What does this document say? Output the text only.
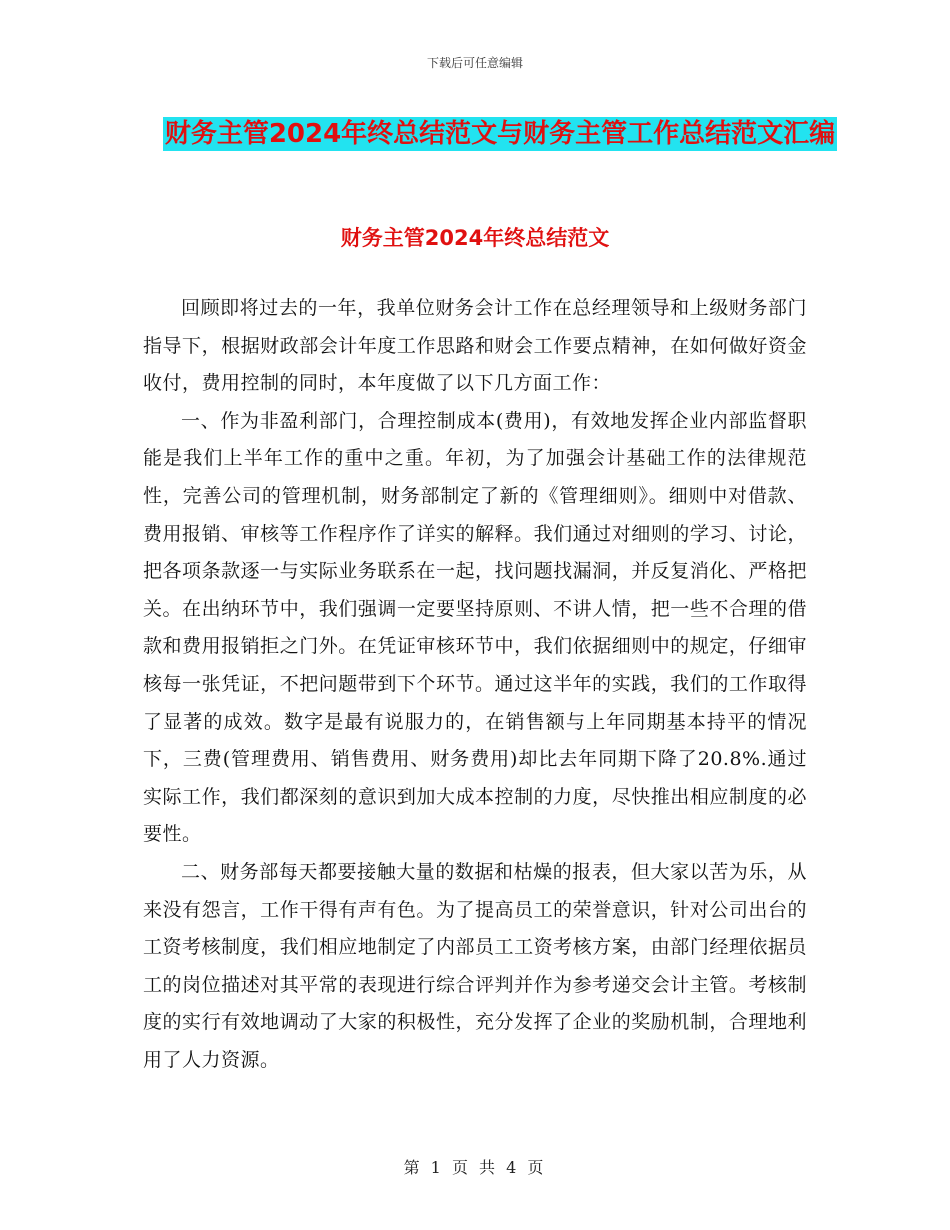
下载后可任意编辑
财务主管2024年终总结范文与财务主管工作总结范文汇编
财务主管2024年终总结范文

回顾即将过去的一年，我单位财务会计工作在总经理领导和上级财务部门指导下，根据财政部会计年度工作思路和财会工作要点精神，在如何做好资金收付，费用控制的同时，本年度做了以下几方面工作：

一、作为非盈利部门，合理控制成本(费用)，有效地发挥企业内部监督职能是我们上半年工作的重中之重。年初，为了加强会计基础工作的法律规范性，完善公司的管理机制，财务部制定了新的《管理细则》。细则中对借款、费用报销、审核等工作程序作了详实的解释。我们通过对细则的学习、讨论，把各项条款逐一与实际业务联系在一起，找问题找漏洞，并反复消化、严格把关。在出纳环节中，我们强调一定要坚持原则、不讲人情，把一些不合理的借款和费用报销拒之门外。在凭证审核环节中，我们依据细则中的规定，仔细审核每一张凭证，不把问题带到下个环节。通过这半年的实践，我们的工作取得了显著的成效。数字是最有说服力的，在销售额与上年同期基本持平的情况下，三费(管理费用、销售费用、财务费用)却比去年同期下降了20.8%.通过实际工作，我们都深刻的意识到加大成本控制的力度，尽快推出相应制度的必要性。

二、财务部每天都要接触大量的数据和枯燥的报表，但大家以苦为乐，从来没有怨言，工作干得有声有色。为了提高员工的荣誉意识，针对公司出台的工资考核制度，我们相应地制定了内部员工工资考核方案，由部门经理依据员工的岗位描述对其平常的表现进行综合评判并作为参考递交会计主管。考核制度的实行有效地调动了大家的积极性，充分发挥了企业的奖励机制，合理地利用了人力资源。

第 1 页 共 4 页
